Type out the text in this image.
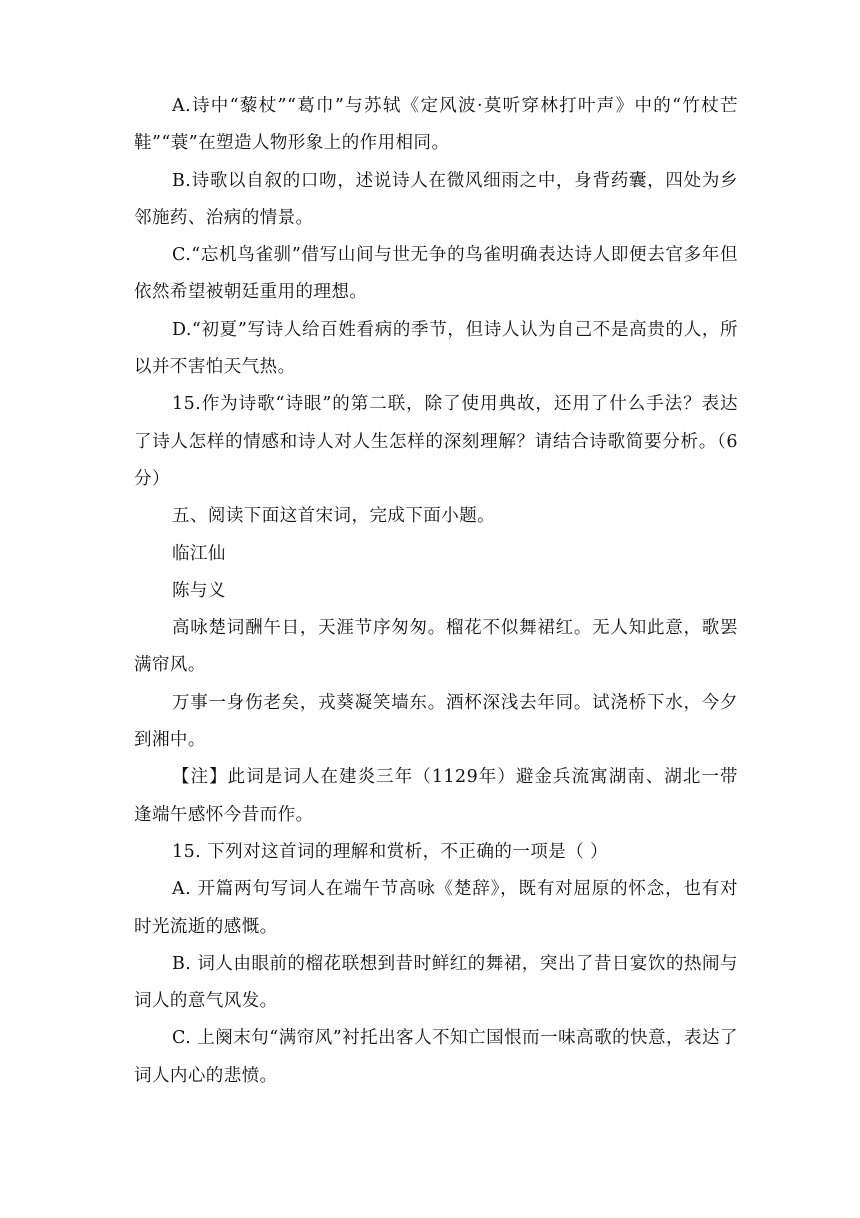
A.诗中“藜杖”“葛巾”与苏轼《定风波·莫听穿林打叶声》中的“竹杖芒鞋”“蓑”在塑造人物形象上的作用相同。

B.诗歌以自叙的口吻，述说诗人在微风细雨之中，身背药囊，四处为乡邻施药、治病的情景。

C.“忘机鸟雀驯”借写山间与世无争的鸟雀明确表达诗人即便去官多年但依然希望被朝廷重用的理想。

D.“初夏”写诗人给百姓看病的季节，但诗人认为自己不是高贵的人，所以并不害怕天气热。

15.作为诗歌“诗眼”的第二联，除了使用典故，还用了什么手法？表达了诗人怎样的情感和诗人对人生怎样的深刻理解？请结合诗歌简要分析。（6分）

五、阅读下面这首宋词，完成下面小题。

临江仙

陈与义

高咏楚词酬午日，天涯节序匆匆。榴花不似舞裙红。无人知此意，歌罢满帘风。

万事一身伤老矣，戎葵凝笑墙东。酒杯深浅去年同。试浇桥下水，今夕到湘中。

【注】此词是词人在建炎三年（1129年）避金兵流寓湖南、湖北一带逢端午感怀今昔而作。

15. 下列对这首词的理解和赏析，不正确的一项是（ ）

A. 开篇两句写词人在端午节高咏《楚辞》，既有对屈原的怀念，也有对时光流逝的感慨。

B. 词人由眼前的榴花联想到昔时鲜红的舞裙，突出了昔日宴饮的热闹与词人的意气风发。

C. 上阕末句“满帘风”衬托出客人不知亡国恨而一味高歌的快意，表达了词人内心的悲愤。
